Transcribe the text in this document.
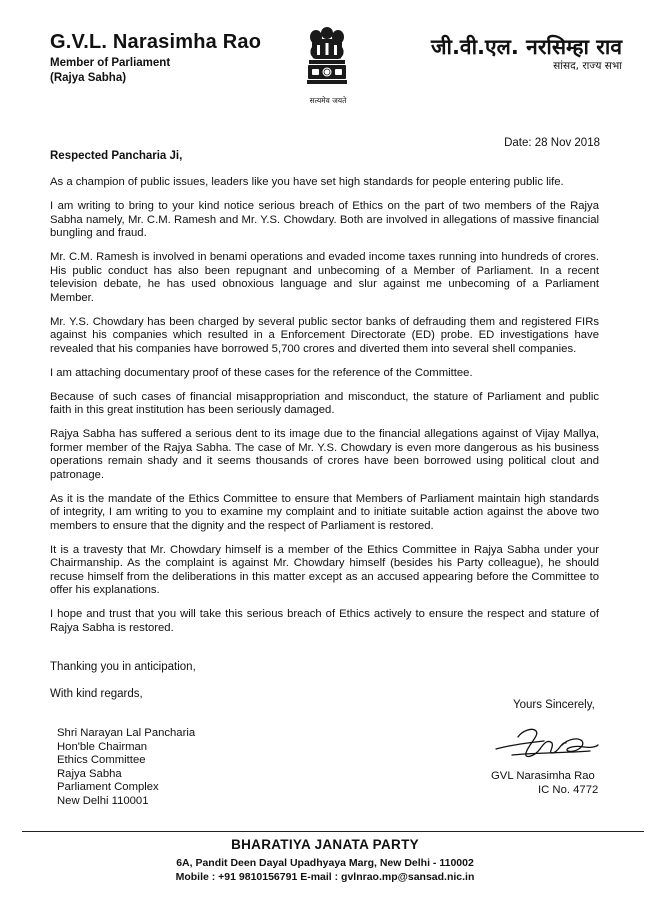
G.V.L. Narasimha Rao
Member of Parliament
(Rajya Sabha)
सत्यमेव जयते
जी.वी.एल. नरसिम्हा राव
सांसद, राज्य सभा
Date: 28 Nov 2018
Respected Pancharia Ji,

As a champion of public issues, leaders like you have set high standards for people entering public life.

I am writing to bring to your kind notice serious breach of Ethics on the part of two members of the Rajya Sabha namely, Mr. C.M. Ramesh and Mr. Y.S. Chowdary. Both are involved in allegations of massive financial bungling and fraud.

Mr. C.M. Ramesh is involved in benami operations and evaded income taxes running into hundreds of crores. His public conduct has also been repugnant and unbecoming of a Member of Parliament. In a recent television debate, he has used obnoxious language and slur against me unbecoming of a Parliament Member.

Mr. Y.S. Chowdary has been charged by several public sector banks of defrauding them and registered FIRs against his companies which resulted in a Enforcement Directorate (ED) probe. ED investigations have revealed that his companies have borrowed 5,700 crores and diverted them into several shell companies.

I am attaching documentary proof of these cases for the reference of the Committee.

Because of such cases of financial misappropriation and misconduct, the stature of Parliament and public faith in this great institution has been seriously damaged.

Rajya Sabha has suffered a serious dent to its image due to the financial allegations against of Vijay Mallya, former member of the Rajya Sabha. The case of Mr. Y.S. Chowdary is even more dangerous as his business operations remain shady and it seems thousands of crores have been borrowed using political clout and patronage.

As it is the mandate of the Ethics Committee to ensure that Members of Parliament maintain high standards of integrity, I am writing to you to examine my complaint and to initiate suitable action against the above two members to ensure that the dignity and the respect of Parliament is restored.

It is a travesty that Mr. Chowdary himself is a member of the Ethics Committee in Rajya Sabha under your Chairmanship. As the complaint is against Mr. Chowdary himself (besides his Party colleague), he should recuse himself from the deliberations in this matter except as an accused appearing before the Committee to offer his explanations.

I hope and trust that you will take this serious breach of Ethics actively to ensure the respect and stature of Rajya Sabha is restored.

Thanking you in anticipation,
With kind regards,
Yours Sincerely,
Shri Narayan Lal Pancharia
Hon'ble Chairman
Ethics Committee
Rajya Sabha
Parliament Complex
New Delhi 110001
GVL Narasimha Rao
IC No. 4772
BHARATIYA JANATA PARTY
6A, Pandit Deen Dayal Upadhyaya Marg, New Delhi - 110002
Mobile : +91 9810156791 E-mail : gvlnrao.mp@sansad.nic.in
